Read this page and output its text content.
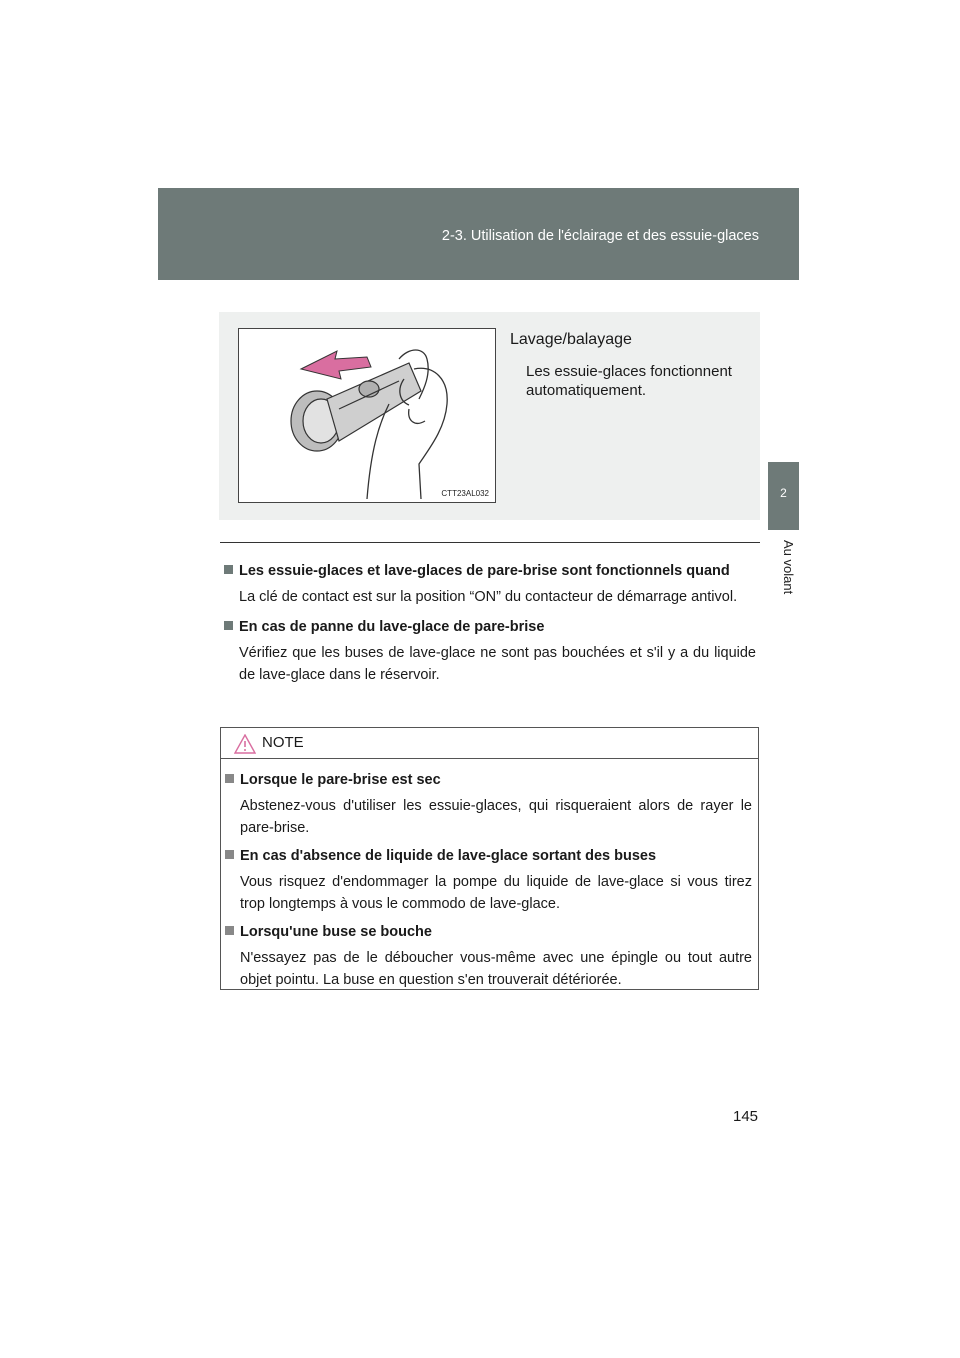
2-3. Utilisation de l'éclairage et des essuie-glaces
2
Au volant
CTT23AL032
Lavage/balayage
Les essuie-glaces fonctionnent automatiquement.
Les essuie-glaces et lave-glaces de pare-brise sont fonctionnels quand
La clé de contact est sur la position “ON” du contacteur de démarrage antivol.
En cas de panne du lave-glace de pare-brise
Vérifiez que les buses de lave-glace ne sont pas bouchées et s'il y a du liquide de lave-glace dans le réservoir.
NOTE
Lorsque le pare-brise est sec
Abstenez-vous d'utiliser les essuie-glaces, qui risqueraient alors de rayer le pare-brise.
En cas d'absence de liquide de lave-glace sortant des buses
Vous risquez d'endommager la pompe du liquide de lave-glace si vous tirez trop longtemps à vous le commodo de lave-glace.
Lorsqu'une buse se bouche
N'essayez pas de le déboucher vous-même avec une épingle ou tout autre objet pointu. La buse en question s'en trouverait détériorée.
145
